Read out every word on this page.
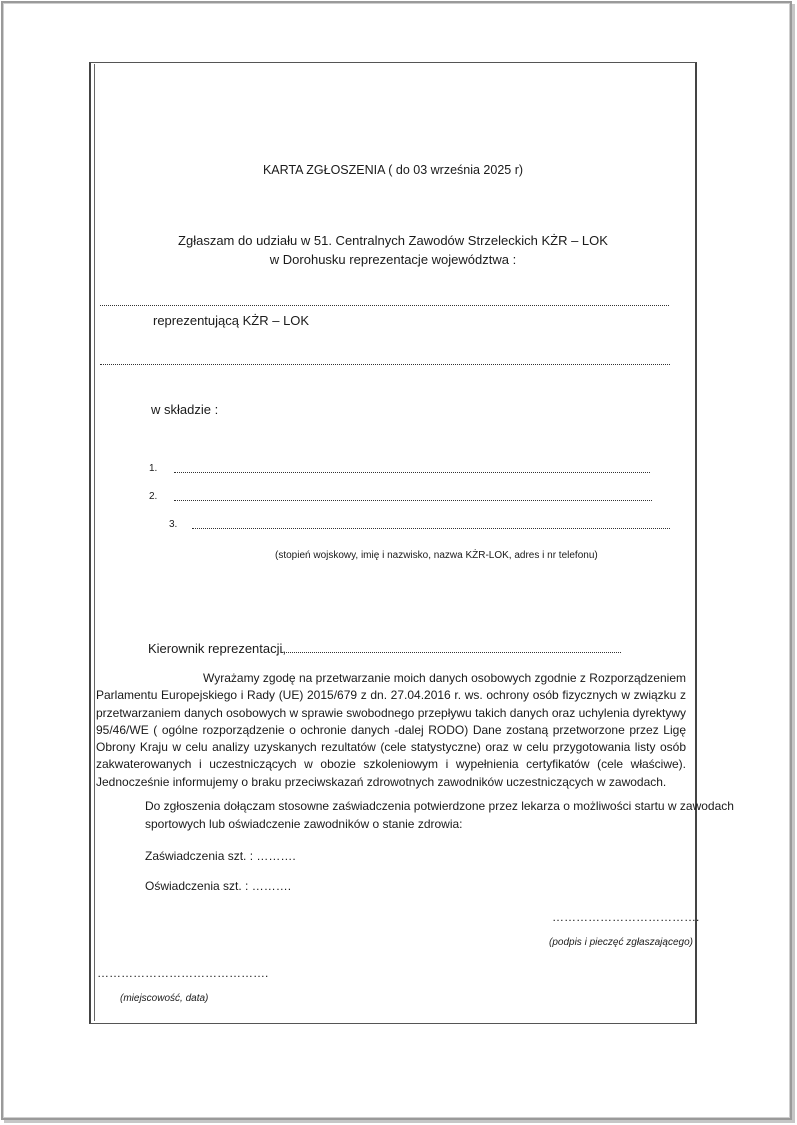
KARTA ZGŁOSZENIA ( do 03 września 2025 r)
Zgłaszam do udziału w 51. Centralnych Zawodów Strzeleckich KŻR – LOK
w Dorohusku reprezentacje województwa :
reprezentującą KŻR – LOK
w składzie :
1.
2.
3.
(stopień wojskowy, imię i nazwisko, nazwa KŻR-LOK, adres i nr telefonu)
Kierownik reprezentacji,
Wyrażamy zgodę na przetwarzanie moich danych osobowych zgodnie z Rozporządzeniem Parlamentu Europejskiego i Rady (UE) 2015/679 z dn. 27.04.2016 r. ws. ochrony osób fizycznych w związku z przetwarzaniem danych osobowych w sprawie swobodnego przepływu takich danych oraz uchylenia dyrektywy 95/46/WE ( ogólne rozporządzenie o ochronie danych -dalej RODO) Dane zostaną przetworzone przez Ligę Obrony Kraju w celu analizy uzyskanych rezultatów (cele statystyczne) oraz w celu przygotowania listy osób zakwaterowanych i uczestniczących w obozie szkoleniowym i wypełnienia certyfikatów (cele właściwe). Jednocześnie informujemy o braku przeciwskazań zdrowotnych zawodników uczestniczących w zawodach.
Do zgłoszenia dołączam stosowne zaświadczenia potwierdzone przez lekarza o możliwości startu w zawodach
sportowych lub oświadczenie zawodników o stanie zdrowia:
Zaświadczenia szt. : ……….
Oświadczenia szt. : ……….
……………………………….
(podpis i pieczęć zgłaszającego)
…………………………………….
(miejscowość, data)
